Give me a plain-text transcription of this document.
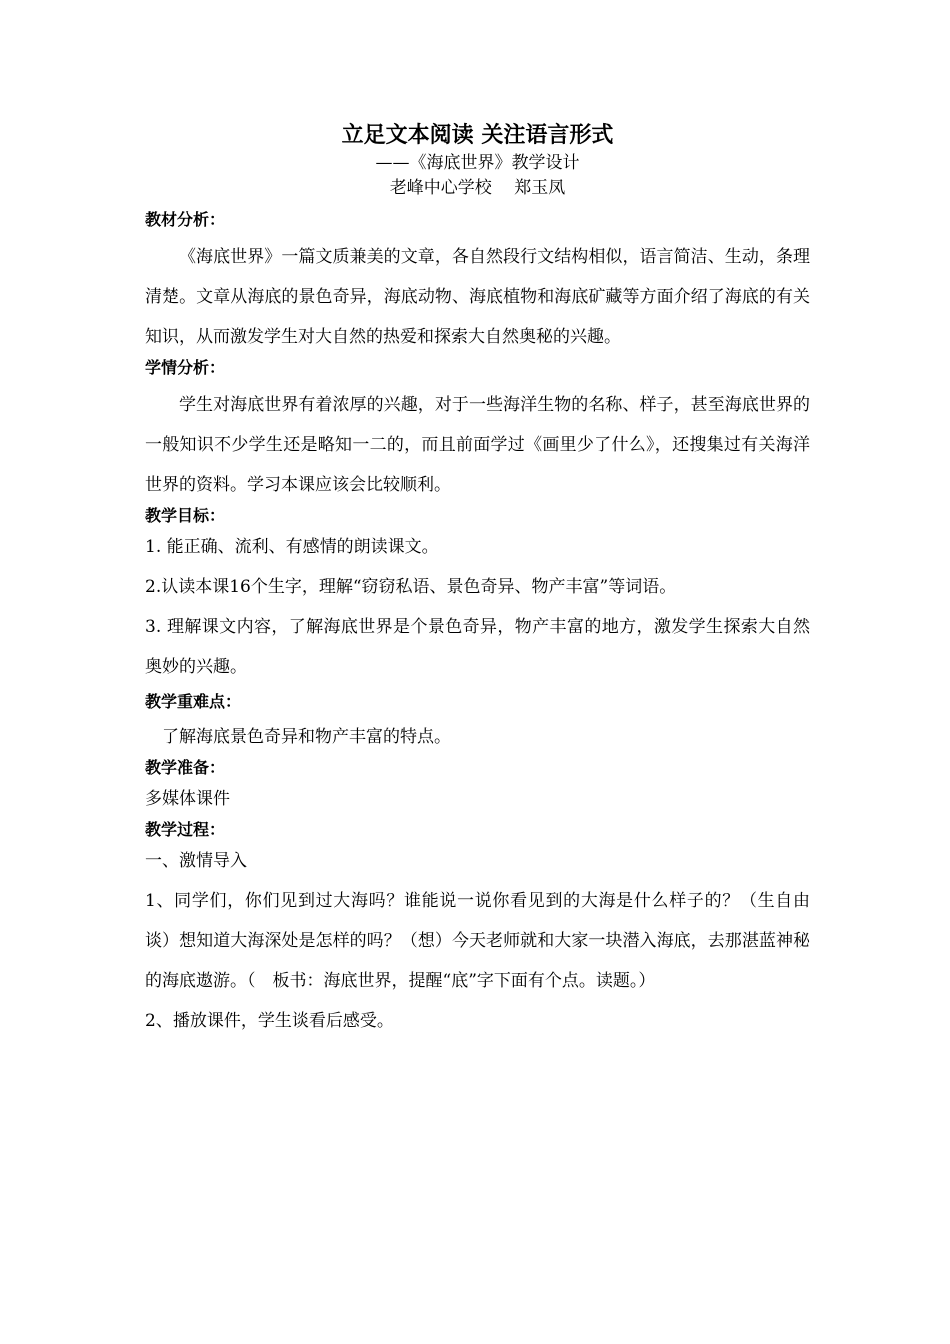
立足文本阅读 关注语言形式

——《海底世界》教学设计

老峰中心学校　 郑玉凤

教材分析：

《海底世界》一篇文质兼美的文章，各自然段行文结构相似，语言简洁、生动，条理清楚。文章从海底的景色奇异，海底动物、海底植物和海底矿藏等方面介绍了海底的有关知识，从而激发学生对大自然的热爱和探索大自然奥秘的兴趣。

学情分析：

学生对海底世界有着浓厚的兴趣，对于一些海洋生物的名称、样子，甚至海底世界的一般知识不少学生还是略知一二的，而且前面学过《画里少了什么》，还搜集过有关海洋世界的资料。学习本课应该会比较顺利。

教学目标：

1. 能正确、流利、有感情的朗读课文。

2.认读本课16个生字，理解“窃窃私语、景色奇异、物产丰富”等词语。

3. 理解课文内容，了解海底世界是个景色奇异，物产丰富的地方，激发学生探索大自然奥妙的兴趣。

教学重难点：

了解海底景色奇异和物产丰富的特点。

教学准备：

多媒体课件

教学过程：

一、激情导入

1、同学们，你们见到过大海吗？谁能说一说你看见到的大海是什么样子的？（生自由谈）想知道大海深处是怎样的吗？（想）今天老师就和大家一块潜入海底，去那湛蓝神秘的海底遨游。（　板书：海底世界，提醒“底”字下面有个点。读题。）

2、播放课件，学生谈看后感受。
